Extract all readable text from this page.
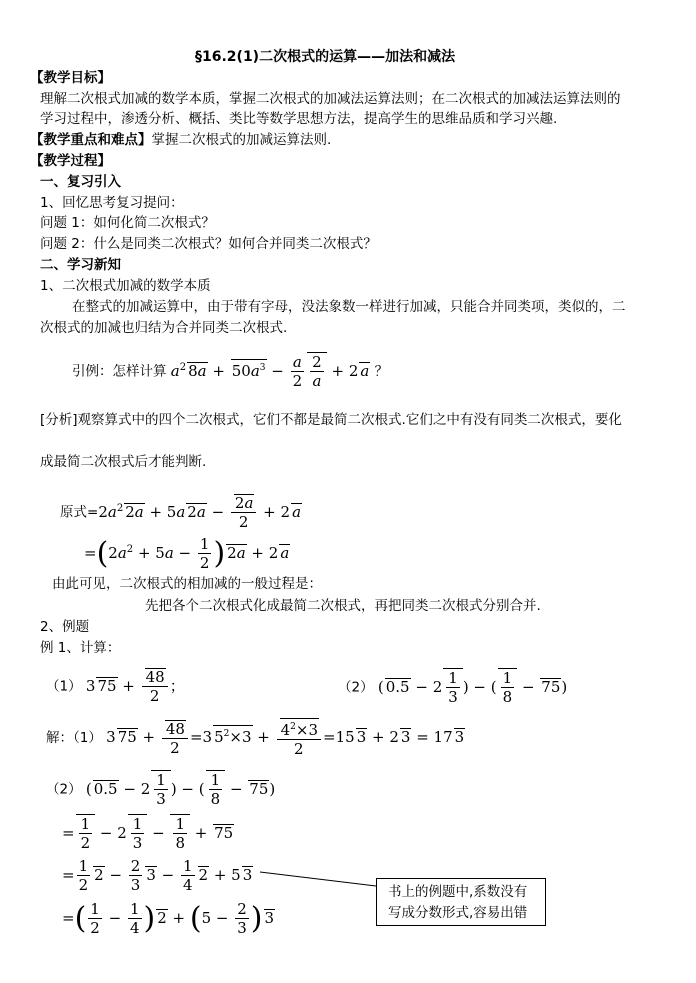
§16.2(1)二次根式的运算——加法和减法
【教学目标】
理解二次根式加减的数学本质，掌握二次根式的加减法运算法则；在二次根式的加减法运算法则的
学习过程中，渗透分析、概括、类比等数学思想方法，提高学生的思维品质和学习兴趣.
【教学重点和难点】掌握二次根式的加减运算法则.
【教学过程】
一、复习引入
1、回忆思考复习提问：
问题 1：如何化简二次根式？
问题 2：什么是同类二次根式？如何合并同类二次根式？
二、学习新知
1、二次根式加减的数学本质
在整式的加减运算中，由于带有字母，没法象数一样进行加减，只能合并同类项，类似的，二
次根式的加减也归结为合并同类二次根式.
引例：怎样计算 $a^2$ $8a + 50a^3 - \frac{a}{2} \frac{2}{a} + 2$ a ？
[分析]观察算式中的四个二次根式，它们不都是最简二次根式.它们之中有没有同类二次根式，要化
成最简二次根式后才能判断.
原式$=2a^2$ 2a + 5a $2a - \frac{2a}{2} + 2$ a
$=(2a^2 + 5a - \frac{1}{2}$ ) 2a + 2 a
由此可见，二次根式的相加减的一般过程是：
先把各个二次根式化成最简二次根式，再把同类二次根式分别合并.
2、例题
例 1、计算：
（1） 3 $75 + \frac{48}{2}$ ；	（2） ( $0.5 - 2 \frac{1}{3}$ ) − ( $\frac{1}{8} - 75$)
解：（1） 3 $75 + \frac{48}{2} =3$ $5^2\times 3 + \frac{4^2\times 3}{2} =15$ 3 + 2 3 = 17 3
（2） ( $0.5 - 2 \frac{1}{3}$ ) − ( $\frac{1}{8} - 75$)
= $\frac{1}{2} - 2 \frac{1}{3} - \frac{1}{8} + 75$
= $\frac{1}{2} 2 - \frac{2}{3} 3 - \frac{1}{4} 2 + 5$ 3
=( $\frac{1}{2} - \frac{1}{4}$ ) $2 + (5 - \frac{2}{3}$ ) 3
书上的例题中,系数没有
写成分数形式,容易出错
